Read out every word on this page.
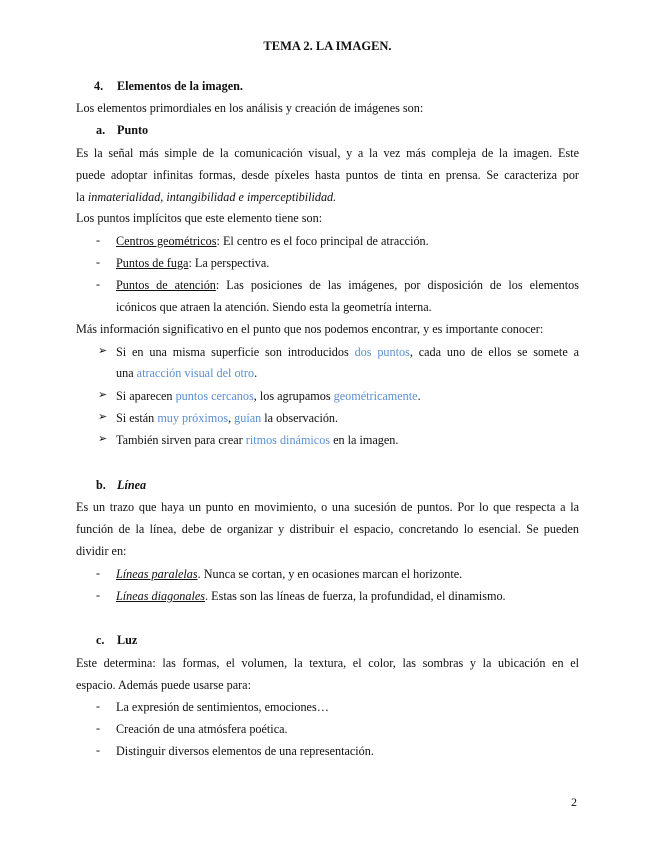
TEMA 2. LA IMAGEN.
4. Elementos de la imagen.
Los elementos primordiales en los análisis y creación de imágenes son:
a. Punto
Es la señal más simple de la comunicación visual, y a la vez más compleja de la imagen. Este
puede adoptar infinitas formas, desde píxeles hasta puntos de tinta en prensa. Se caracteriza por
la inmaterialidad, intangibilidad e imperceptibilidad.
Los puntos implícitos que este elemento tiene son:
- Centros geométricos: El centro es el foco principal de atracción.
- Puntos de fuga: La perspectiva.
- Puntos de atención: Las posiciones de las imágenes, por disposición de los elementos
icónicos que atraen la atención. Siendo esta la geometría interna.
Más información significativo en el punto que nos podemos encontrar, y es importante conocer:
➢ Si en una misma superficie son introducidos dos puntos, cada uno de ellos se somete a
una atracción visual del otro.
➢ Si aparecen puntos cercanos, los agrupamos geométricamente.
➢ Si están muy próximos, guían la observación.
➢ También sirven para crear ritmos dinámicos en la imagen.
b. Línea
Es un trazo que haya un punto en movimiento, o una sucesión de puntos. Por lo que respecta a la
función de la línea, debe de organizar y distribuir el espacio, concretando lo esencial. Se pueden
dividir en:
- Líneas paralelas. Nunca se cortan, y en ocasiones marcan el horizonte.
- Líneas diagonales. Estas son las líneas de fuerza, la profundidad, el dinamismo.
c. Luz
Este determina: las formas, el volumen, la textura, el color, las sombras y la ubicación en el
espacio. Además puede usarse para:
- La expresión de sentimientos, emociones…
- Creación de una atmósfera poética.
- Distinguir diversos elementos de una representación.
2
